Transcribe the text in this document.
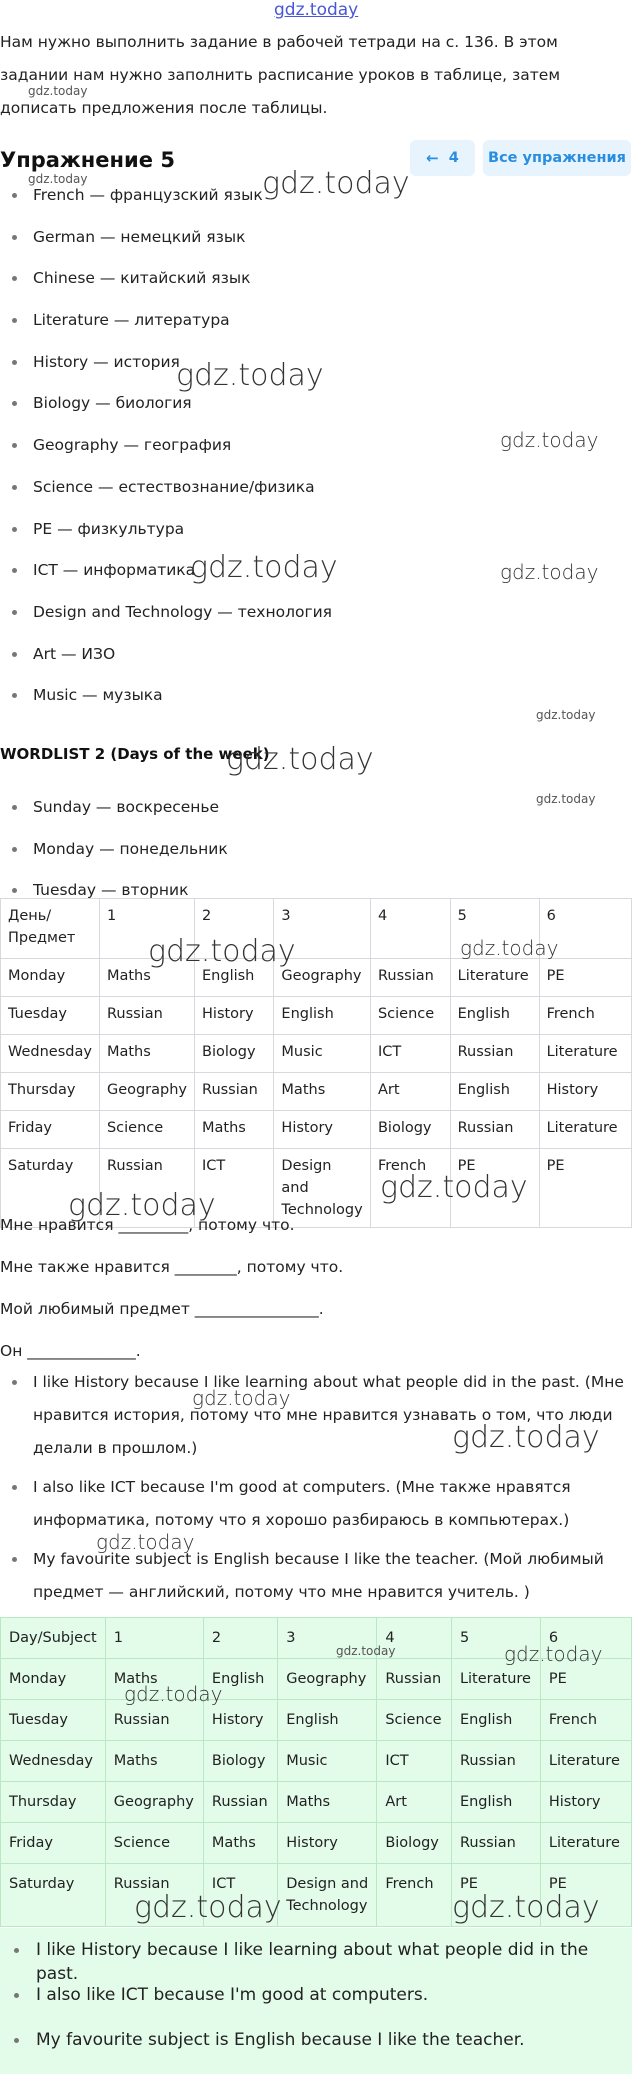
gdz.today

Нам нужно выполнить задание в рабочей тетради на с. 136. В этом задании нам нужно заполнить расписание уроков в таблице, затем дописать предложения после таблицы.

Упражнение 5	← 4	Все упражнения
French — французский язык
German — немецкий язык
Chinese — китайский язык
Literature — литература
History — история
Biology — биология
Geography — география
Science — естествознание/физика
PE — физкультура
ICT — информатика
Design and Technology — технология
Art — ИЗО
Music — музыка
WORDLIST 2 (Days of the week)
Sunday — воскресенье
Monday — понедельник
Tuesday — вторник
День/ Предмет	1	2	3	4	5	6
Monday	Maths	English	Geography	Russian	Literature	PE
Tuesday	Russian	History	English	Science	English	French
Wednesday	Maths	Biology	Music	ICT	Russian	Literature
Thursday	Geography	Russian	Maths	Art	English	History
Friday	Science	Maths	History	Biology	Russian	Literature
Saturday	Russian	ICT	Design and Technology	French	PE	PE
Мне нравится _________, потому что.
Мне также нравится ________, потому что.
Мой любимый предмет ________________.
Он ______________.
I like History because I like learning about what people did in the past. (Мне нравится история, потому что мне нравится узнавать о том, что люди делали в прошлом.)
I also like ICT because I'm good at computers. (Мне также нравятся информатика, потому что я хорошо разбираюсь в компьютерах.)
My favourite subject is English because I like the teacher. (Мой любимый предмет — английский, потому что мне нравится учитель. )
Day/Subject	1	2	3	4	5	6
Monday	Maths	English	Geography	Russian	Literature	PE
Tuesday	Russian	History	English	Science	English	French
Wednesday	Maths	Biology	Music	ICT	Russian	Literature
Thursday	Geography	Russian	Maths	Art	English	History
Friday	Science	Maths	History	Biology	Russian	Literature
Saturday	Russian	ICT	Design and Technology	French	PE	PE
I like History because I like learning about what people did in the past.
I also like ICT because I'm good at computers.
My favourite subject is English because I like the teacher.
gdz.today
gdz.today	gdz.today
gdz.today
gdz.today
gdz.today	gdz.today
gdz.today
gdz.today
gdz.today
gdz.today	gdz.today
gdz.today
gdz.today
gdz.today
gdz.today
gdz.today
gdz.today	gdz.today
gdz.today
gdz.today	gdz.today
